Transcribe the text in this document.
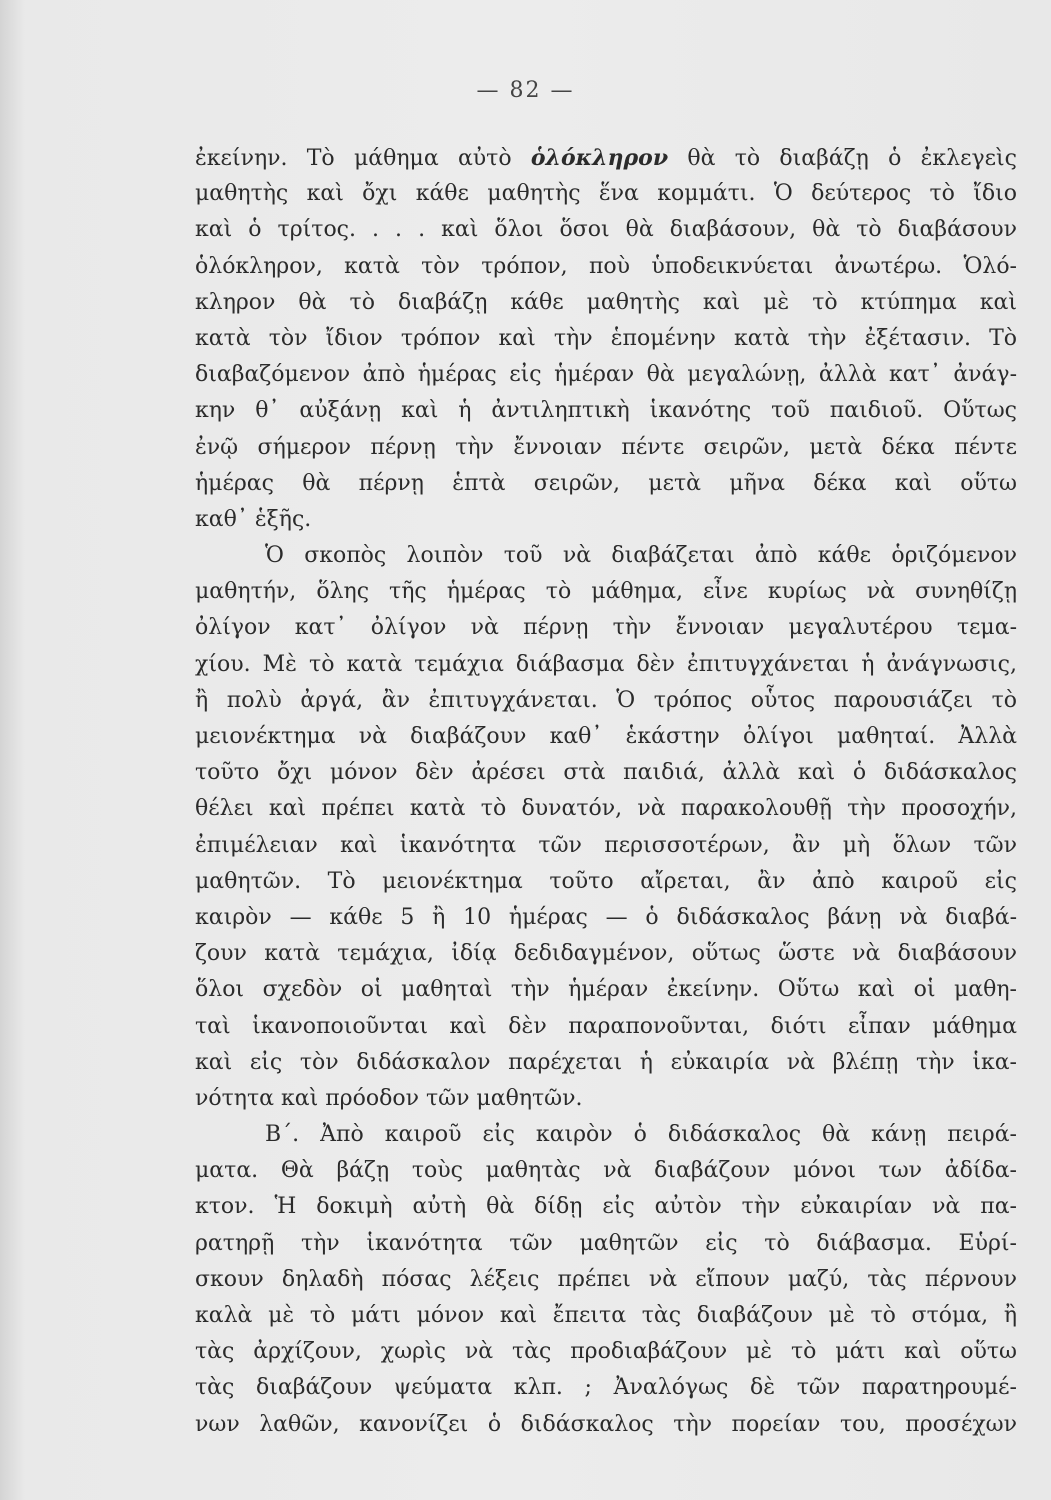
— 82 —
ἐκείνην. Τὸ μάθημα αὐτὸ ὁλόκληρον θὰ τὸ διαβάζῃ ὁ ἐκλεγεὶς
μαθητὴς καὶ ὄχι κάθε μαθητὴς ἕνα κομμάτι. Ὁ δεύτερος τὸ ἴδιο
καὶ ὁ τρίτος. . . . καὶ ὅλοι ὅσοι θὰ διαβάσουν, θὰ τὸ διαβάσουν
ὁλόκληρον, κατὰ τὸν τρόπον, ποὺ ὑποδεικνύεται ἀνωτέρω. Ὁλό-
κληρον θὰ τὸ διαβάζῃ κάθε μαθητὴς καὶ μὲ τὸ κτύπημα καὶ
κατὰ τὸν ἴδιον τρόπον καὶ τὴν ἑπομένην κατὰ τὴν ἐξέτασιν. Τὸ
διαβαζόμενον ἀπὸ ἡμέρας εἰς ἡμέραν θὰ μεγαλώνῃ, ἀλλὰ κατ᾿ ἀνάγ-
κην θ᾿ αὐξάνῃ καὶ ἡ ἀντιληπτικὴ ἱκανότης τοῦ παιδιοῦ. Οὕτως
ἐνῷ σήμερον πέρνῃ τὴν ἔννοιαν πέντε σειρῶν, μετὰ δέκα πέντε
ἡμέρας θὰ πέρνῃ ἑπτὰ σειρῶν, μετὰ μῆνα δέκα καὶ οὕτω
καθ᾿ ἑξῆς.
Ὁ σκοπὸς λοιπὸν τοῦ νὰ διαβάζεται ἀπὸ κάθε ὁριζόμενον
μαθητήν, ὅλης τῆς ἡμέρας τὸ μάθημα, εἶνε κυρίως νὰ συνηθίζῃ
ὀλίγον κατ᾿ ὀλίγον νὰ πέρνῃ τὴν ἔννοιαν μεγαλυτέρου τεμα-
χίου. Μὲ τὸ κατὰ τεμάχια διάβασμα δὲν ἐπιτυγχάνεται ἡ ἀνάγνωσις,
ἢ πολὺ ἀργά, ἂν ἐπιτυγχάνεται. Ὁ τρόπος οὗτος παρουσιάζει τὸ
μειονέκτημα νὰ διαβάζουν καθ᾿ ἑκάστην ὀλίγοι μαθηταί. Ἀλλὰ
τοῦτο ὄχι μόνον δὲν ἀρέσει στὰ παιδιά, ἀλλὰ καὶ ὁ διδάσκαλος
θέλει καὶ πρέπει κατὰ τὸ δυνατόν, νὰ παρακολουθῇ τὴν προσοχήν,
ἐπιμέλειαν καὶ ἱκανότητα τῶν περισσοτέρων, ἂν μὴ ὅλων τῶν
μαθητῶν. Τὸ μειονέκτημα τοῦτο αἴρεται, ἂν ἀπὸ καιροῦ εἰς
καιρὸν — κάθε 5 ἢ 10 ἡμέρας — ὁ διδάσκαλος βάνῃ νὰ διαβά-
ζουν κατὰ τεμάχια, ἰδίᾳ δεδιδαγμένον, οὕτως ὥστε νὰ διαβάσουν
ὅλοι σχεδὸν οἱ μαθηταὶ τὴν ἡμέραν ἐκείνην. Οὕτω καὶ οἱ μαθη-
ταὶ ἱκανοποιοῦνται καὶ δὲν παραπονοῦνται, διότι εἶπαν μάθημα
καὶ εἰς τὸν διδάσκαλον παρέχεται ἡ εὐκαιρία νὰ βλέπῃ τὴν ἱκα-
νότητα καὶ πρόοδον τῶν μαθητῶν.
Β΄. Ἀπὸ καιροῦ εἰς καιρὸν ὁ διδάσκαλος θὰ κάνῃ πειρά-
ματα. Θὰ βάζῃ τοὺς μαθητὰς νὰ διαβάζουν μόνοι των ἀδίδα-
κτον. Ἡ δοκιμὴ αὐτὴ θὰ δίδῃ εἰς αὐτὸν τὴν εὐκαιρίαν νὰ πα-
ρατηρῇ τὴν ἱκανότητα τῶν μαθητῶν εἰς τὸ διάβασμα. Εὑρί-
σκουν δηλαδὴ πόσας λέξεις πρέπει νὰ εἴπουν μαζύ, τὰς πέρνουν
καλὰ μὲ τὸ μάτι μόνον καὶ ἔπειτα τὰς διαβάζουν μὲ τὸ στόμα, ἢ
τὰς ἀρχίζουν, χωρὶς νὰ τὰς προδιαβάζουν μὲ τὸ μάτι καὶ οὕτω
τὰς διαβάζουν ψεύματα κλπ. ; Ἀναλόγως δὲ τῶν παρατηρουμέ-
νων λαθῶν, κανονίζει ὁ διδάσκαλος τὴν πορείαν του, προσέχων
